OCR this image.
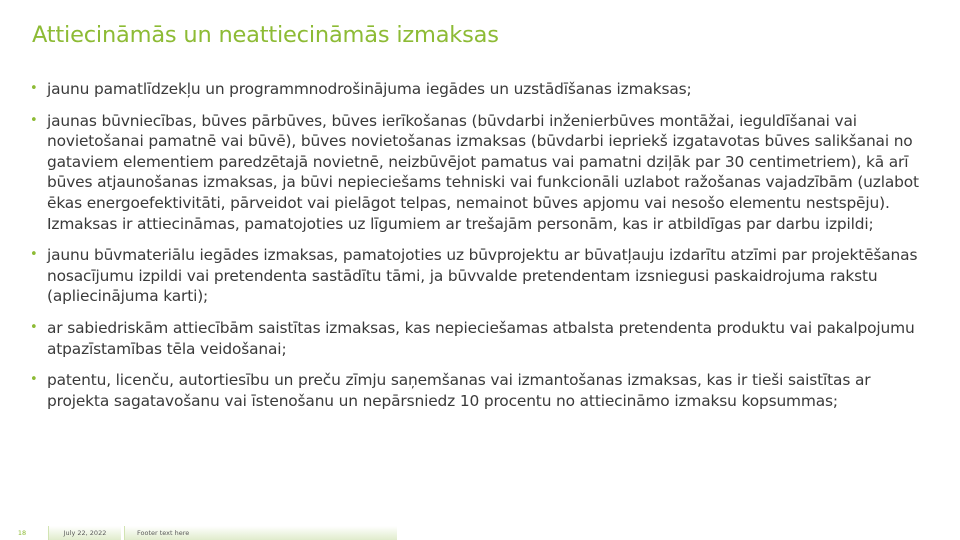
Attiecināmās un neattiecināmās izmaksas
• jaunu pamatlīdzekļu un programmnodrošinājuma iegādes un uzstādīšanas izmaksas;
• jaunas būvniecības, būves pārbūves, būves ierīkošanas (būvdarbi inženierbūves montāžai, ieguldīšanai vai novietošanai pamatnē vai būvē), būves novietošanas izmaksas (būvdarbi iepriekš izgatavotas būves salikšanai no gataviem elementiem paredzētajā novietnē, neizbūvējot pamatus vai pamatni dziļāk par 30 centimetriem), kā arī būves atjaunošanas izmaksas, ja būvi nepieciešams tehniski vai funkcionāli uzlabot ražošanas vajadzībām (uzlabot ēkas energoefektivitāti, pārveidot vai pielāgot telpas, nemainot būves apjomu vai nesošo elementu nestspēju). Izmaksas ir attiecināmas, pamatojoties uz līgumiem ar trešajām personām, kas ir atbildīgas par darbu izpildi;
• jaunu būvmateriālu iegādes izmaksas, pamatojoties uz būvprojektu ar būvatļauju izdarītu atzīmi par projektēšanas nosacījumu izpildi vai pretendenta sastādītu tāmi, ja būvvalde pretendentam izsniegusi paskaidrojuma rakstu (apliecinājuma karti);
• ar sabiedriskām attiecībām saistītas izmaksas, kas nepieciešamas atbalsta pretendenta produktu vai pakalpojumu atpazīstamības tēla veidošanai;
• patentu, licenču, autortiesību un preču zīmju saņemšanas vai izmantošanas izmaksas, kas ir tieši saistītas ar projekta sagatavošanu vai īstenošanu un nepārsniedz 10 procentu no attiecināmo izmaksu kopsummas;
18	July 22, 2022	Footer text here
